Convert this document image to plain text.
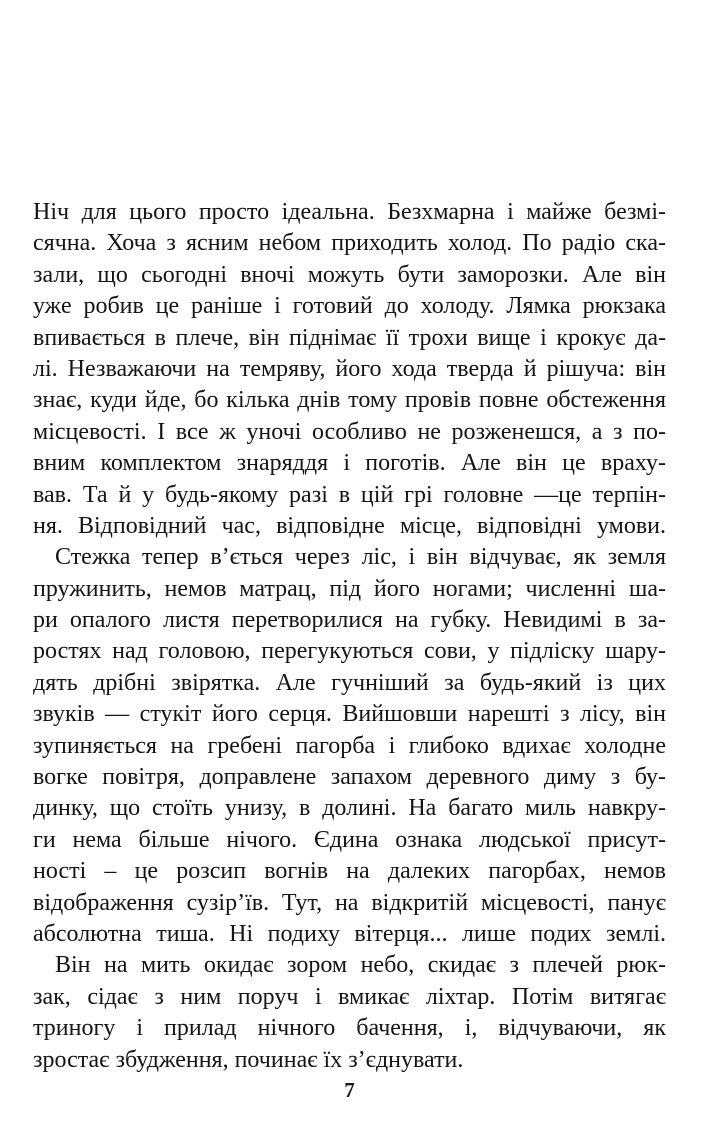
Ніч для цього просто ідеальна. Безхмарна і майже безмі-
сячна. Хоча з ясним небом приходить холод. По радіо ска-
зали, що сьогодні вночі можуть бути заморозки. Але він
уже робив це раніше і готовий до холоду. Лямка рюкзака
впивається в плече, він піднімає її трохи вище і крокує да-
лі. Незважаючи на темряву, його хода тверда й рішуча: він
знає, куди йде, бо кілька днів тому провів повне обстеження
місцевості. І все ж уночі особливо не розженешся, а з по-
вним комплектом знаряддя і поготів. Але він це враху-
вав. Та й у будь-якому разі в цій грі головне —це терпін-
ня. Відповідний час, відповідне місце, відповідні умови.
Стежка тепер в’ється через ліс, і він відчуває, як земля
пружинить, немов матрац, під його ногами; численні ша-
ри опалого листя перетворилися на губку. Невидимі в за-
ростях над головою, перегукуються сови, у підліску шару-
дять дрібні звірятка. Але гучніший за будь-який із цих
звуків — стукіт його серця. Вийшовши нарешті з лісу, він
зупиняється на гребені пагорба і глибоко вдихає холодне
вогке повітря, доправлене запахом деревного диму з бу-
динку, що стоїть унизу, в долині. На багато миль навкру-
ги нема більше нічого. Єдина ознака людської присут-
ності – це розсип вогнів на далеких пагорбах, немов
відображення сузір’їв. Тут, на відкритій місцевості, панує
абсолютна тиша. Ні подиху вітерця... лише подих землі.
Він на мить окидає зором небо, скидає з плечей рюк-
зак, сідає з ним поруч і вмикає ліхтар. Потім витягає
триногу і прилад нічного бачення, і, відчуваючи, як
зростає збудження, починає їх з’єднувати.
7
